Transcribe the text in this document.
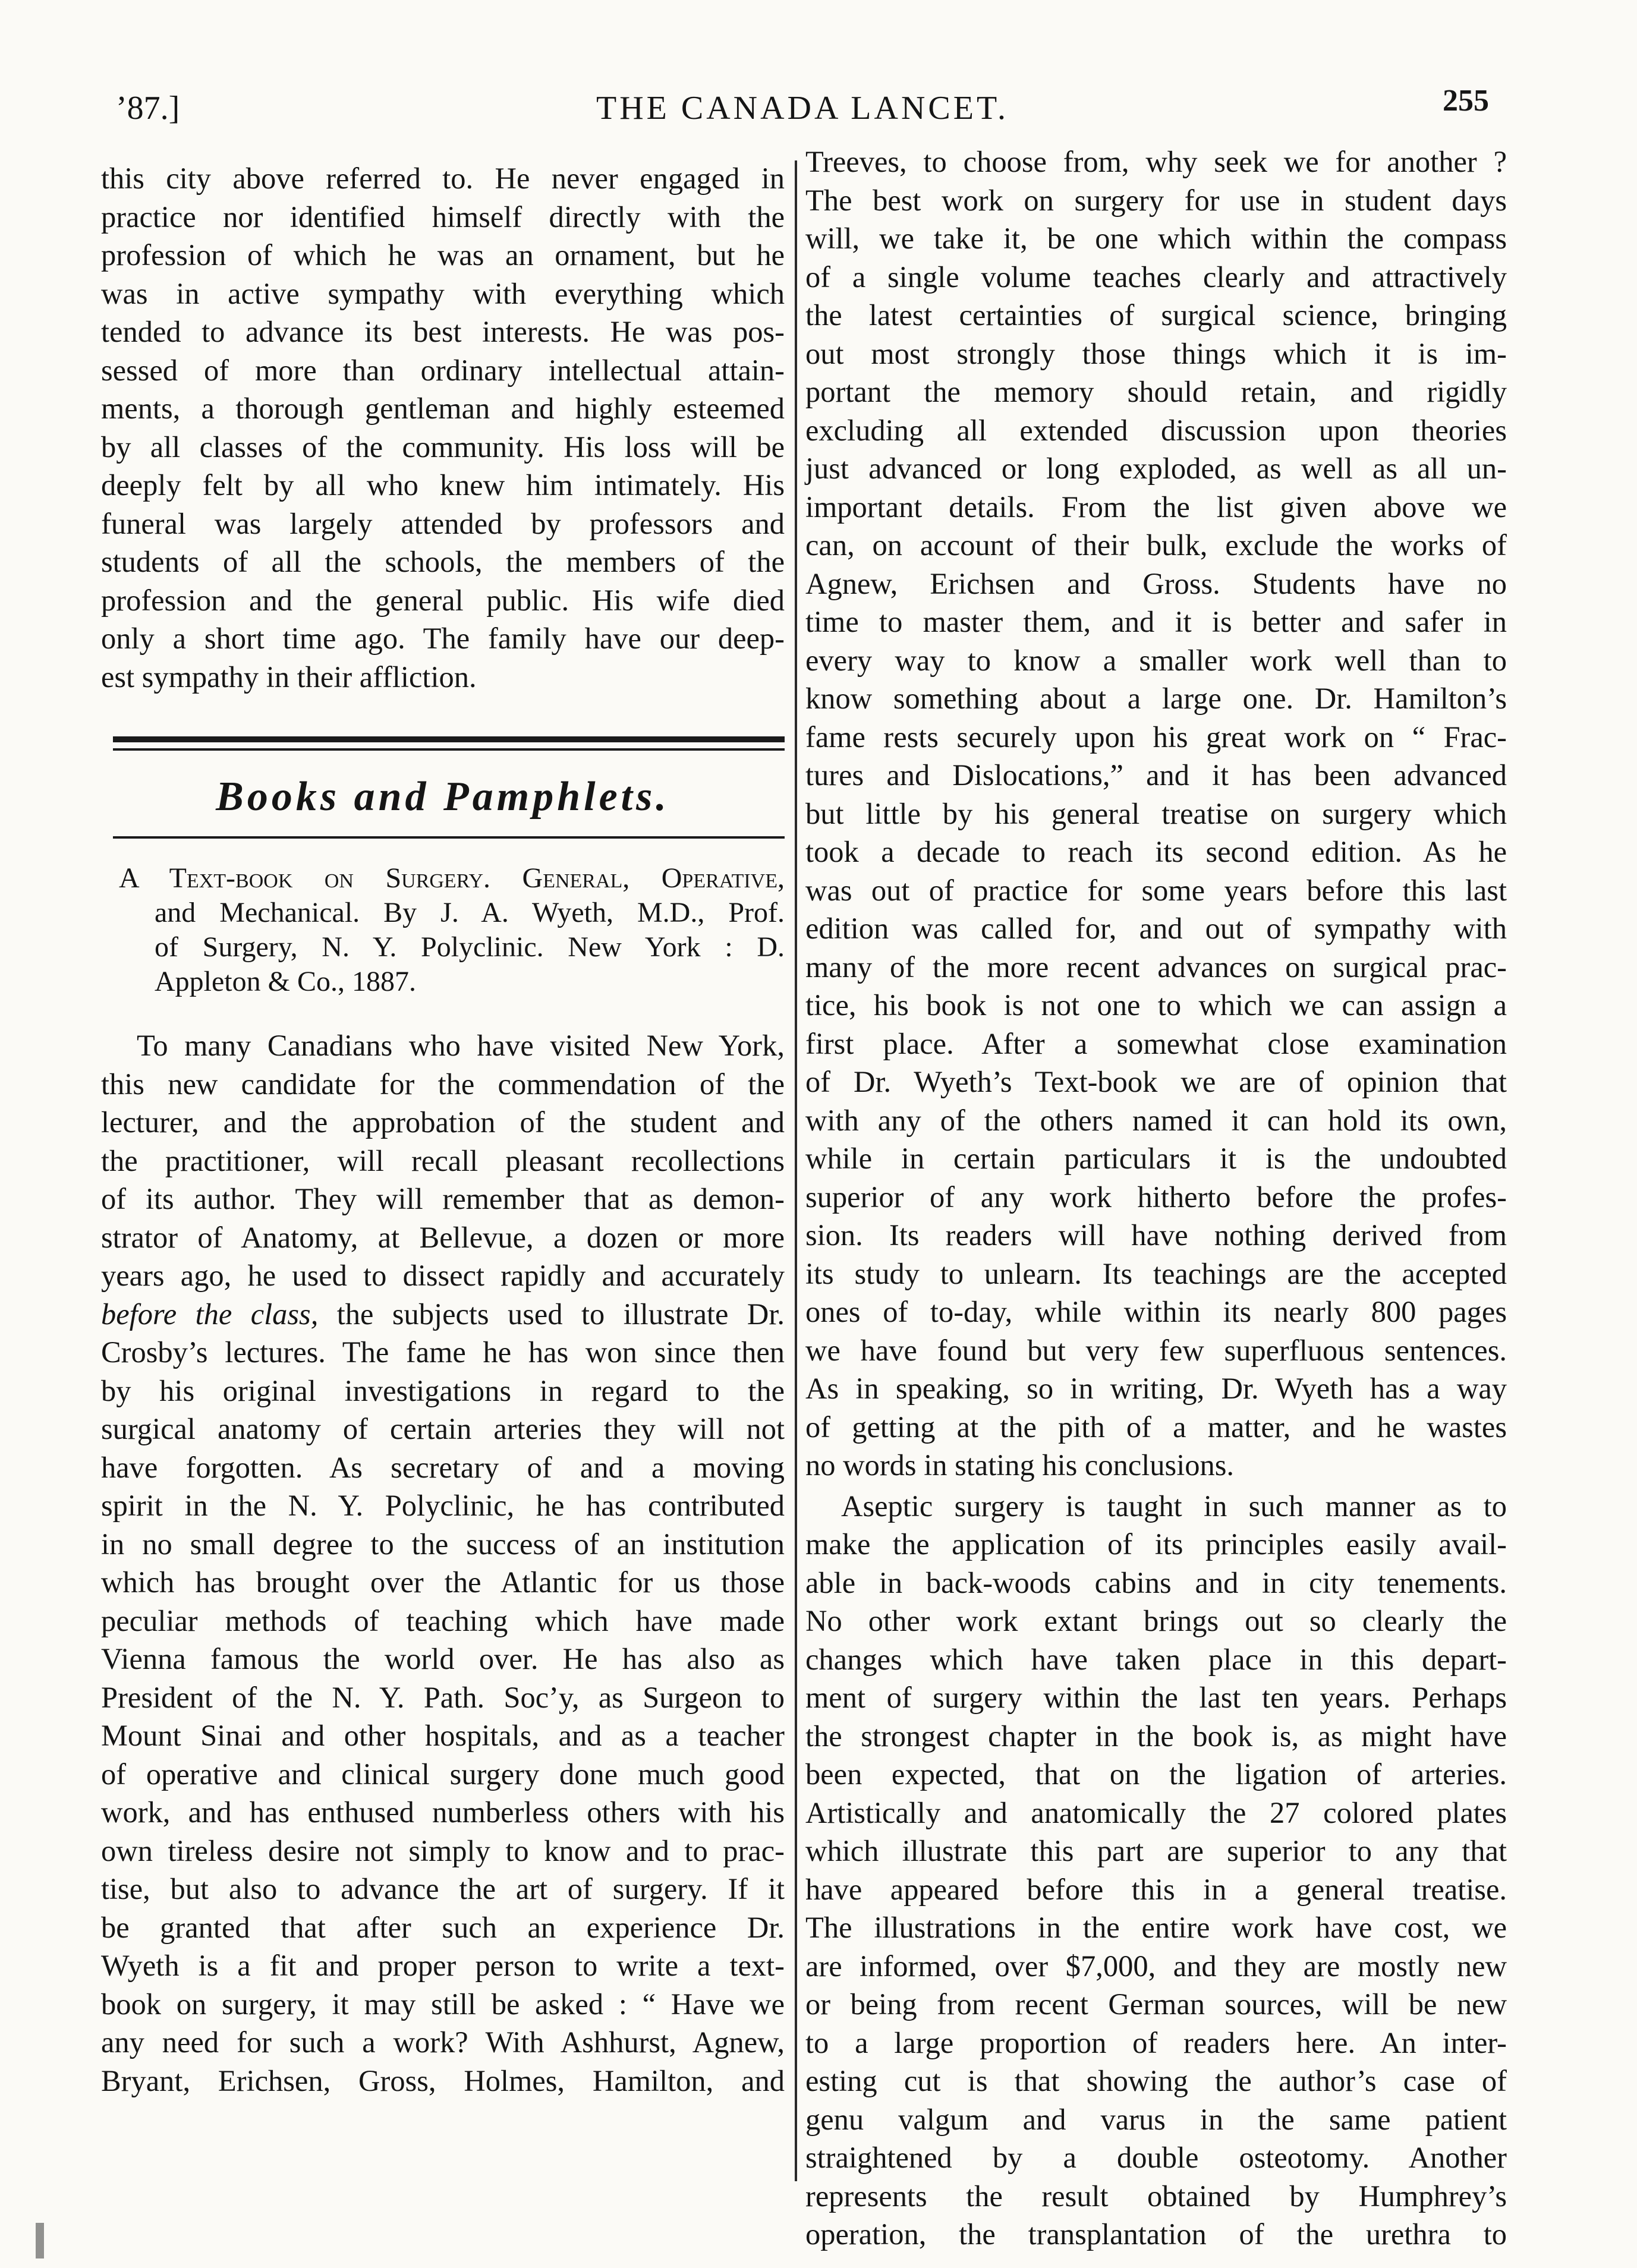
’87.]	THE CANADA LANCET.	255
this city above referred to. He never engaged in
practice nor identified himself directly with the
profession of which he was an ornament, but he
was in active sympathy with everything which
tended to advance its best interests. He was pos-
sessed of more than ordinary intellectual attain-
ments, a thorough gentleman and highly esteemed
by all classes of the community. His loss will be
deeply felt by all who knew him intimately. His
funeral was largely attended by professors and
students of all the schools, the members of the
profession and the general public. His wife died
only a short time ago. The family have our deep-
est sympathy in their affliction.
Books and Pamphlets.
A Text-book on Surgery. General, Operative,
and Mechanical. By J. A. Wyeth, M.D., Prof.
of Surgery, N. Y. Polyclinic. New York : D.
Appleton & Co., 1887.
To many Canadians who have visited New York,
this new candidate for the commendation of the
lecturer, and the approbation of the student and
the practitioner, will recall pleasant recollections
of its author. They will remember that as demon-
strator of Anatomy, at Bellevue, a dozen or more
years ago, he used to dissect rapidly and accurately
before the class, the subjects used to illustrate Dr.
Crosby’s lectures. The fame he has won since then
by his original investigations in regard to the
surgical anatomy of certain arteries they will not
have forgotten. As secretary of and a moving
spirit in the N. Y. Polyclinic, he has contributed
in no small degree to the success of an institution
which has brought over the Atlantic for us those
peculiar methods of teaching which have made
Vienna famous the world over. He has also as
President of the N. Y. Path. Soc’y, as Surgeon to
Mount Sinai and other hospitals, and as a teacher
of operative and clinical surgery done much good
work, and has enthused numberless others with his
own tireless desire not simply to know and to prac-
tise, but also to advance the art of surgery. If it
be granted that after such an experience Dr.
Wyeth is a fit and proper person to write a text-
book on surgery, it may still be asked : “ Have we
any need for such a work? With Ashhurst, Agnew,
Bryant, Erichsen, Gross, Holmes, Hamilton, and
Treeves, to choose from, why seek we for another ?
The best work on surgery for use in student days
will, we take it, be one which within the compass
of a single volume teaches clearly and attractively
the latest certainties of surgical science, bringing
out most strongly those things which it is im-
portant the memory should retain, and rigidly
excluding all extended discussion upon theories
just advanced or long exploded, as well as all un-
important details. From the list given above we
can, on account of their bulk, exclude the works of
Agnew, Erichsen and Gross. Students have no
time to master them, and it is better and safer in
every way to know a smaller work well than to
know something about a large one. Dr. Hamilton’s
fame rests securely upon his great work on “ Frac-
tures and Dislocations,” and it has been advanced
but little by his general treatise on surgery which
took a decade to reach its second edition. As he
was out of practice for some years before this last
edition was called for, and out of sympathy with
many of the more recent advances on surgical prac-
tice, his book is not one to which we can assign a
first place. After a somewhat close examination
of Dr. Wyeth’s Text-book we are of opinion that
with any of the others named it can hold its own,
while in certain particulars it is the undoubted
superior of any work hitherto before the profes-
sion. Its readers will have nothing derived from
its study to unlearn. Its teachings are the accepted
ones of to-day, while within its nearly 800 pages
we have found but very few superfluous sentences.
As in speaking, so in writing, Dr. Wyeth has a way
of getting at the pith of a matter, and he wastes
no words in stating his conclusions.
Aseptic surgery is taught in such manner as to
make the application of its principles easily avail-
able in back-woods cabins and in city tenements.
No other work extant brings out so clearly the
changes which have taken place in this depart-
ment of surgery within the last ten years. Perhaps
the strongest chapter in the book is, as might have
been expected, that on the ligation of arteries.
Artistically and anatomically the 27 colored plates
which illustrate this part are superior to any that
have appeared before this in a general treatise.
The illustrations in the entire work have cost, we
are informed, over $7,000, and they are mostly new
or being from recent German sources, will be new
to a large proportion of readers here. An inter-
esting cut is that showing the author’s case of
genu valgum and varus in the same patient
straightened by a double osteotomy. Another
represents the result obtained by Humphrey’s
operation, the transplantation of the urethra to
